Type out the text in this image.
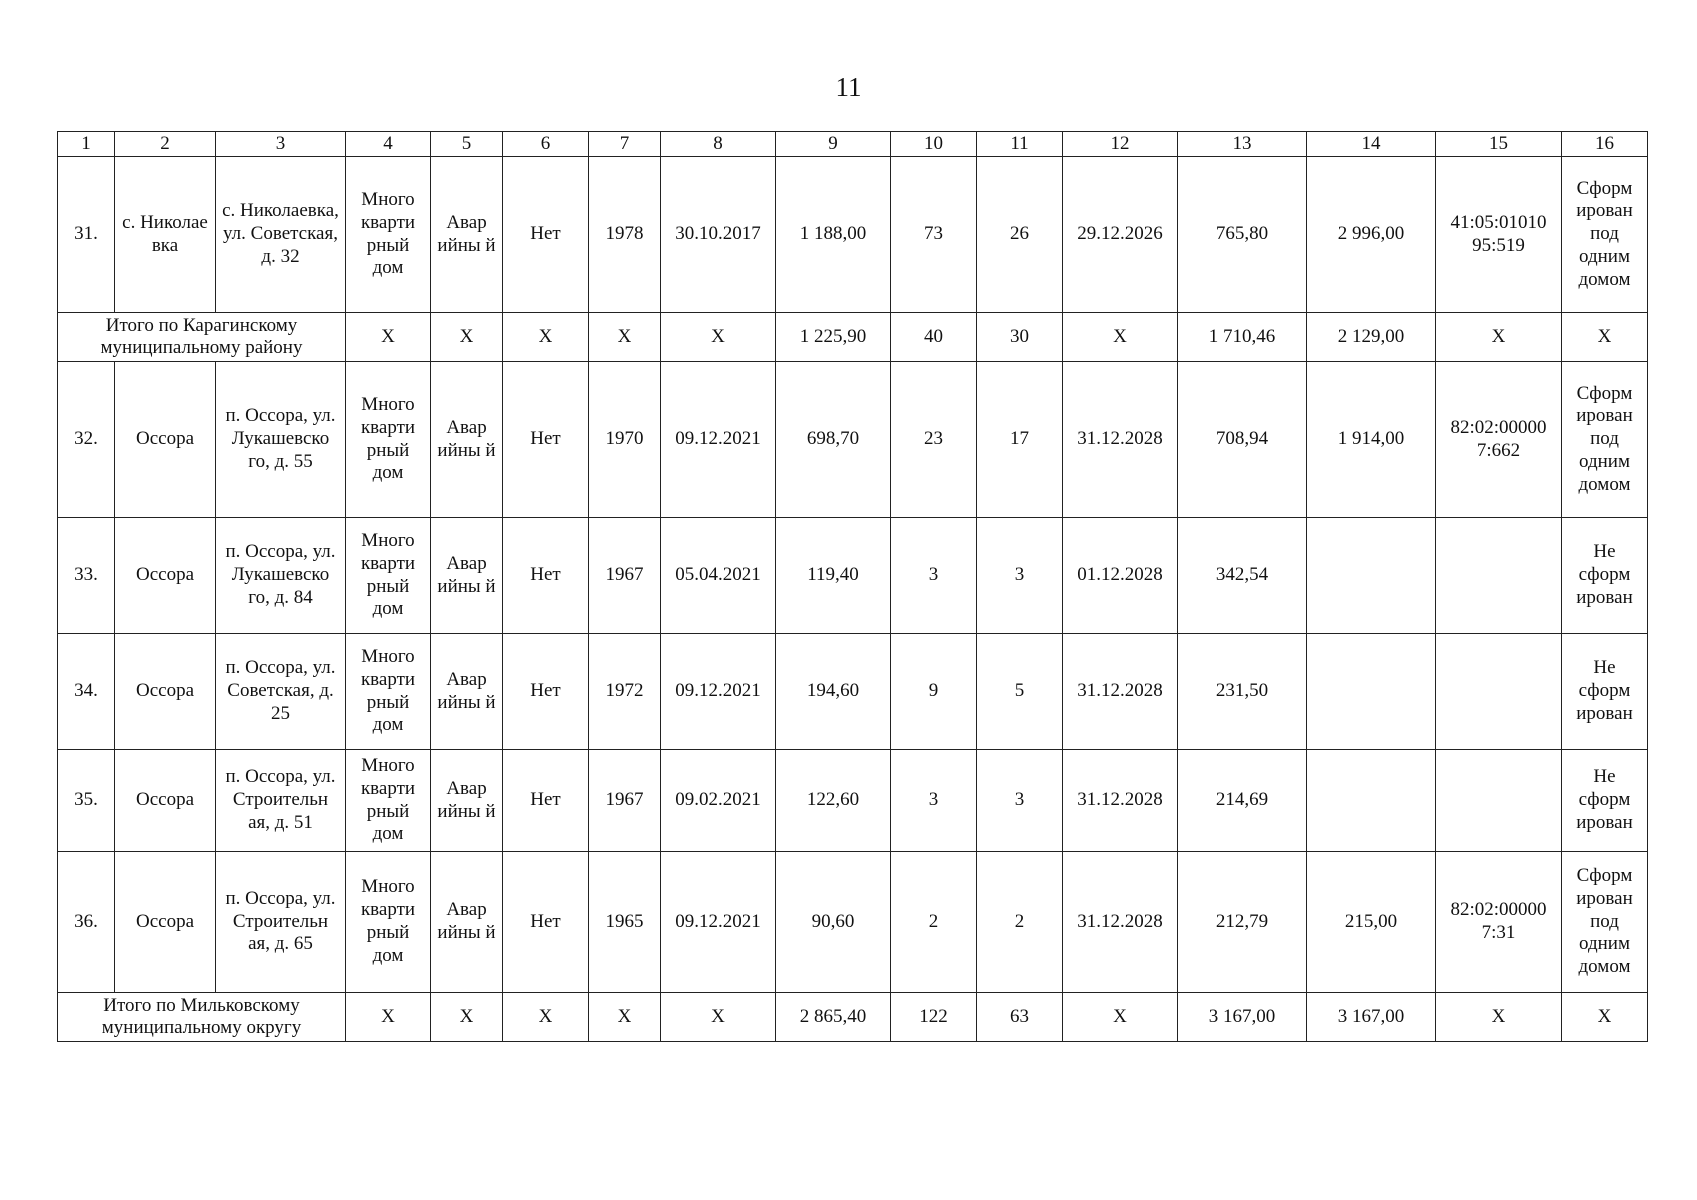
11
1	2	3	4	5	6	7	8	9	10	11	12	13	14	15	16
31.	с. Николае вка	с. Николаевка, ул. Советская, д. 32	Много кварти рный дом	Авар ийны й	Нет	1978	30.10.2017	1 188,00	73	26	29.12.2026	765,80	2 996,00	41:05:01010 95:519	Сформ ирован под одним домом
Итого по Карагинскому муниципальному району			X	X	X	X	X	1 225,90	40	30	X	1 710,46	2 129,00	X	X
32.	Оссора	п. Оссора, ул. Лукашевско го, д. 55	Много кварти рный дом	Авар ийны й	Нет	1970	09.12.2021	698,70	23	17	31.12.2028	708,94	1 914,00	82:02:00000 7:662	Сформ ирован под одним домом
33.	Оссора	п. Оссора, ул. Лукашевско го, д. 84	Много кварти рный дом	Авар ийны й	Нет	1967	05.04.2021	119,40	3	3	01.12.2028	342,54			Не сформ ирован
34.	Оссора	п. Оссора, ул. Советская, д. 25	Много кварти рный дом	Авар ийны й	Нет	1972	09.12.2021	194,60	9	5	31.12.2028	231,50			Не сформ ирован
35.	Оссора	п. Оссора, ул. Строительн ая, д. 51	Много кварти рный дом	Авар ийны й	Нет	1967	09.02.2021	122,60	3	3	31.12.2028	214,69			Не сформ ирован
36.	Оссора	п. Оссора, ул. Строительн ая, д. 65	Много кварти рный дом	Авар ийны й	Нет	1965	09.12.2021	90,60	2	2	31.12.2028	212,79	215,00	82:02:00000 7:31	Сформ ирован под одним домом
Итого по Мильковскому муниципальному округу			X	X	X	X	X	2 865,40	122	63	X	3 167,00	3 167,00	X	X
